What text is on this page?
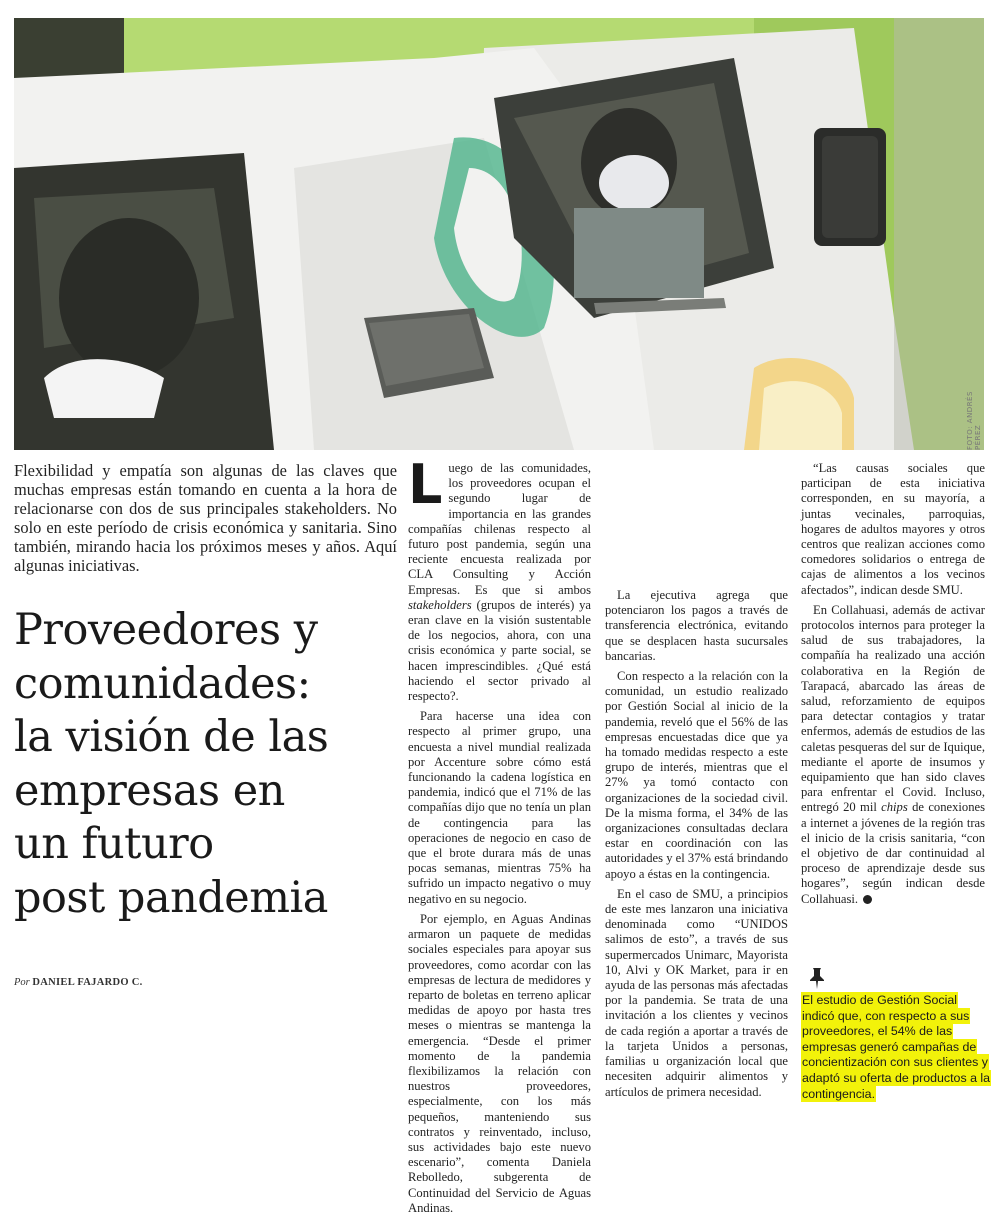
FOTO: ANDRÉS PÉREZ

Flexibilidad y empatía son algunas de las claves que muchas empresas están tomando en cuenta a la hora de relacionarse con dos de sus principales stakeholders. No solo en este período de crisis económica y sanitaria. Sino también, mirando hacia los próximos meses y años. Aquí algunas iniciativas.

Proveedores y
comunidades:
la visión de las
empresas en
un futuro
post pandemia
Por DANIEL FAJARDO C.

Luego de las comunidades, los proveedores ocupan el segundo lugar de importancia en las grandes compañías chilenas respecto al futuro post pandemia, según una reciente encuesta realizada por CLA Consulting y Acción Empresas. Es que si ambos stakeholders (grupos de interés) ya eran clave en la visión sustentable de los negocios, ahora, con una crisis económica y parte social, se hacen imprescindibles. ¿Qué está haciendo el sector privado al respecto?.

Para hacerse una idea con respecto al primer grupo, una encuesta a nivel mundial realizada por Accenture sobre cómo está funcionando la cadena logística en pandemia, indicó que el 71% de las compañías dijo que no tenía un plan de contingencia para las operaciones de negocio en caso de que el brote durara más de unas pocas semanas, mientras 75% ha sufrido un impacto negativo o muy negativo en su negocio.

Por ejemplo, en Aguas Andinas armaron un paquete de medidas sociales especiales para apoyar sus proveedores, como acordar con las empresas de lectura de medidores y reparto de boletas en terreno aplicar medidas de apoyo por hasta tres meses o mientras se mantenga la emergencia. “Desde el primer momento de la pandemia flexibilizamos la relación con nuestros proveedores, especialmente, con los más pequeños, manteniendo sus contratos y reinventado, incluso, sus actividades bajo este nuevo escenario”, comenta Daniela Rebolledo, subgerenta de Continuidad del Servicio de Aguas Andinas.

La ejecutiva agrega que potenciaron los pagos a través de transferencia electrónica, evitando que se desplacen hasta sucursales bancarias.

Con respecto a la relación con la comunidad, un estudio realizado por Gestión Social al inicio de la pandemia, reveló que el 56% de las empresas encuestadas dice que ya ha tomado medidas respecto a este grupo de interés, mientras que el 27% ya tomó contacto con organizaciones de la sociedad civil. De la misma forma, el 34% de las organizaciones consultadas declara estar en coordinación con las autoridades y el 37% está brindando apoyo a éstas en la contingencia.

En el caso de SMU, a principios de este mes lanzaron una iniciativa denominada como “UNIDOS salimos de esto”, a través de sus supermercados Unimarc, Mayorista 10, Alvi y OK Market, para ir en ayuda de las personas más afectadas por la pandemia. Se trata de una invitación a los clientes y vecinos de cada región a aportar a través de la tarjeta Unidos a personas, familias u organización local que necesiten adquirir alimentos y artículos de primera necesidad.

“Las causas sociales que participan de esta iniciativa corresponden, en su mayoría, a juntas vecinales, parroquias, hogares de adultos mayores y otros centros que realizan acciones como comedores solidarios o entrega de cajas de alimentos a los vecinos afectados”, indican desde SMU.

En Collahuasi, además de activar protocolos internos para proteger la salud de sus trabajadores, la compañía ha realizado una acción colaborativa en la Región de Tarapacá, abarcado las áreas de salud, reforzamiento de equipos para detectar contagios y tratar enfermos, además de estudios de las caletas pesqueras del sur de Iquique, mediante el aporte de insumos y equipamiento que han sido claves para enfrentar el Covid. Incluso, entregó 20 mil chips de conexiones a internet a jóvenes de la región tras el inicio de la crisis sanitaria, “con el objetivo de dar continuidad al proceso de aprendizaje desde sus hogares”, según indican desde Collahuasi.	■

El estudio de Gestión Social indicó que, con respecto a sus proveedores, el 54% de las empresas generó campañas de concientización con sus clientes y adaptó su oferta de productos a la contingencia.
